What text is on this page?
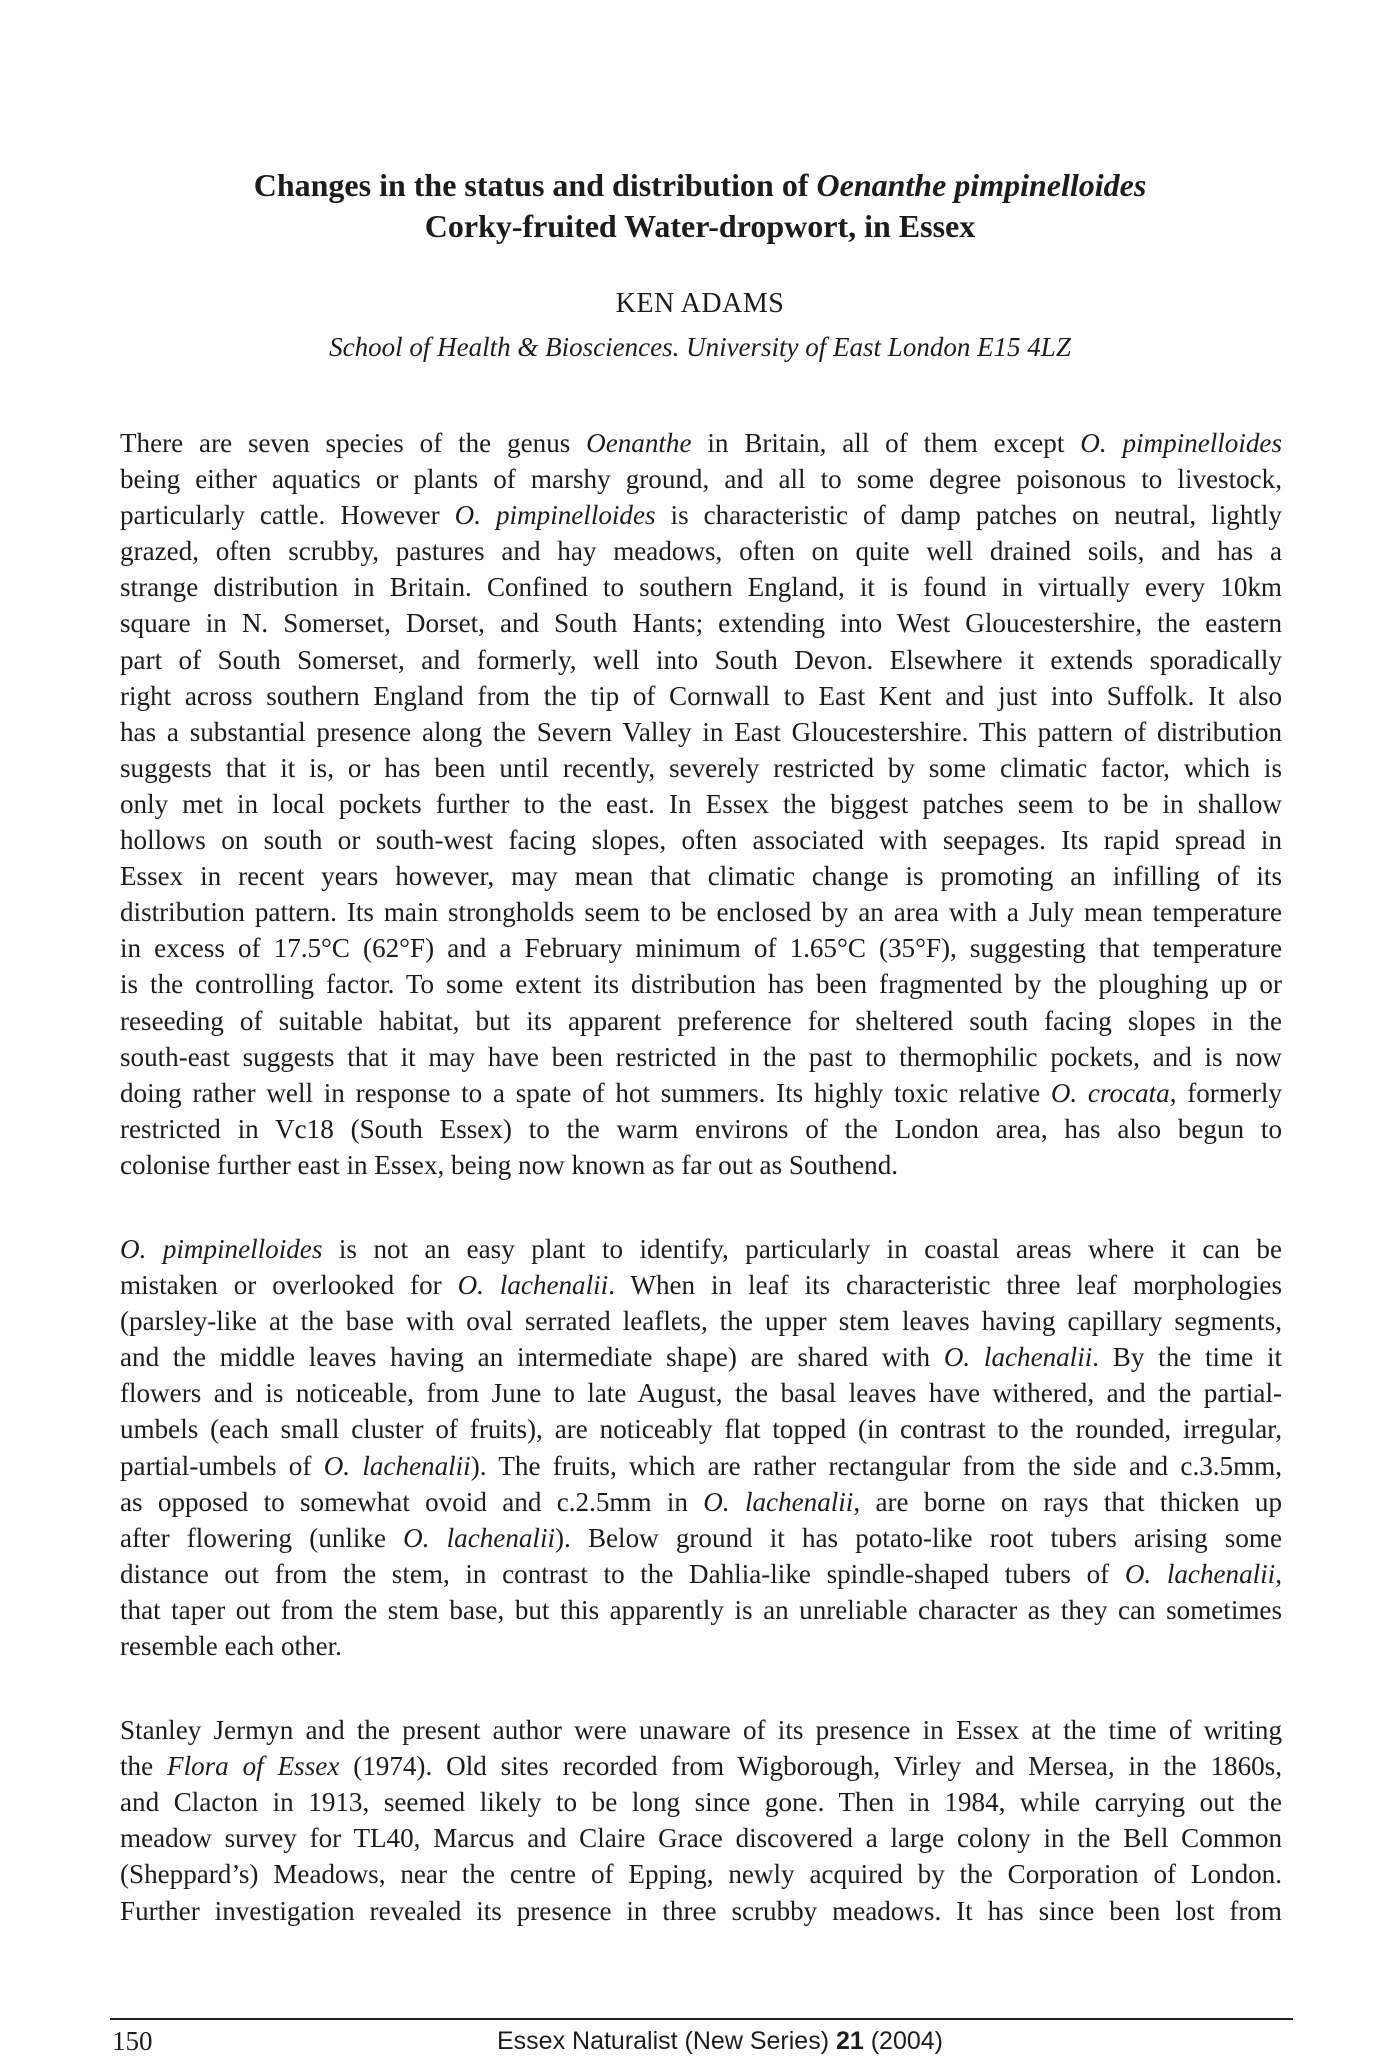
Changes in the status and distribution of Oenanthe pimpinelloides
Corky-fruited Water-dropwort, in Essex
KEN ADAMS
School of Health & Biosciences. University of East London E15 4LZ
There are seven species of the genus Oenanthe in Britain, all of them except O. pimpinelloides
being either aquatics or plants of marshy ground, and all to some degree poisonous to livestock,
particularly cattle. However O. pimpinelloides is characteristic of damp patches on neutral, lightly
grazed, often scrubby, pastures and hay meadows, often on quite well drained soils, and has a
strange distribution in Britain. Confined to southern England, it is found in virtually every 10km
square in N. Somerset, Dorset, and South Hants; extending into West Gloucestershire, the eastern
part of South Somerset, and formerly, well into South Devon. Elsewhere it extends sporadically
right across southern England from the tip of Cornwall to East Kent and just into Suffolk. It also
has a substantial presence along the Severn Valley in East Gloucestershire. This pattern of distribution
suggests that it is, or has been until recently, severely restricted by some climatic factor, which is
only met in local pockets further to the east. In Essex the biggest patches seem to be in shallow
hollows on south or south-west facing slopes, often associated with seepages. Its rapid spread in
Essex in recent years however, may mean that climatic change is promoting an infilling of its
distribution pattern. Its main strongholds seem to be enclosed by an area with a July mean temperature
in excess of 17.5°C (62°F) and a February minimum of 1.65°C (35°F), suggesting that temperature
is the controlling factor. To some extent its distribution has been fragmented by the ploughing up or
reseeding of suitable habitat, but its apparent preference for sheltered south facing slopes in the
south-east suggests that it may have been restricted in the past to thermophilic pockets, and is now
doing rather well in response to a spate of hot summers. Its highly toxic relative O. crocata, formerly
restricted in Vc18 (South Essex) to the warm environs of the London area, has also begun to
colonise further east in Essex, being now known as far out as Southend.
O. pimpinelloides is not an easy plant to identify, particularly in coastal areas where it can be
mistaken or overlooked for O. lachenalii. When in leaf its characteristic three leaf morphologies
(parsley-like at the base with oval serrated leaflets, the upper stem leaves having capillary segments,
and the middle leaves having an intermediate shape) are shared with O. lachenalii. By the time it
flowers and is noticeable, from June to late August, the basal leaves have withered, and the partial-
umbels (each small cluster of fruits), are noticeably flat topped (in contrast to the rounded, irregular,
partial-umbels of O. lachenalii). The fruits, which are rather rectangular from the side and c.3.5mm,
as opposed to somewhat ovoid and c.2.5mm in O. lachenalii, are borne on rays that thicken up
after flowering (unlike O. lachenalii). Below ground it has potato-like root tubers arising some
distance out from the stem, in contrast to the Dahlia-like spindle-shaped tubers of O. lachenalii,
that taper out from the stem base, but this apparently is an unreliable character as they can sometimes
resemble each other.
Stanley Jermyn and the present author were unaware of its presence in Essex at the time of writing
the Flora of Essex (1974). Old sites recorded from Wigborough, Virley and Mersea, in the 1860s,
and Clacton in 1913, seemed likely to be long since gone. Then in 1984, while carrying out the
meadow survey for TL40, Marcus and Claire Grace discovered a large colony in the Bell Common
(Sheppard’s) Meadows, near the centre of Epping, newly acquired by the Corporation of London.
Further investigation revealed its presence in three scrubby meadows. It has since been lost from
150	Essex Naturalist (New Series) 21 (2004)
